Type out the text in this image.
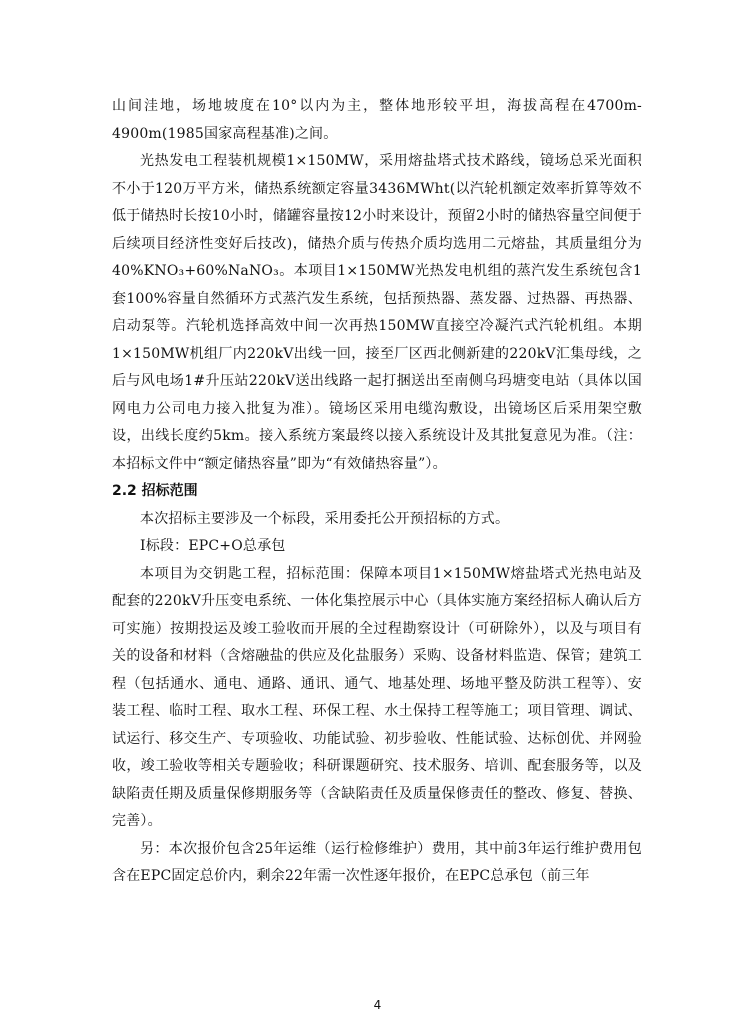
山间洼地，场地坡度在10°以内为主，整体地形较平坦，海拔高程在4700m-4900m(1985国家高程基准)之间。

光热发电工程装机规模1×150MW，采用熔盐塔式技术路线，镜场总采光面积不小于120万平方米，储热系统额定容量3436MWht(以汽轮机额定效率折算等效不低于储热时长按10小时，储罐容量按12小时来设计，预留2小时的储热容量空间便于后续项目经济性变好后技改)，储热介质与传热介质均选用二元熔盐，其质量组分为40%KNO₃+60%NaNO₃。本项目1×150MW光热发电机组的蒸汽发生系统包含1套100%容量自然循环方式蒸汽发生系统，包括预热器、蒸发器、过热器、再热器、启动泵等。汽轮机选择高效中间一次再热150MW直接空冷凝汽式汽轮机组。本期1×150MW机组厂内220kV出线一回，接至厂区西北侧新建的220kV汇集母线，之后与风电场1#升压站220kV送出线路一起打捆送出至南侧乌玛塘变电站（具体以国网电力公司电力接入批复为准）。镜场区采用电缆沟敷设，出镜场区后采用架空敷设，出线长度约5km。接入系统方案最终以接入系统设计及其批复意见为准。（注：本招标文件中“额定储热容量”即为“有效储热容量”）。

2.2 招标范围

本次招标主要涉及一个标段，采用委托公开预招标的方式。

Ⅰ标段：EPC+O总承包

本项目为交钥匙工程，招标范围：保障本项目1×150MW熔盐塔式光热电站及配套的220kV升压变电系统、一体化集控展示中心（具体实施方案经招标人确认后方可实施）按期投运及竣工验收而开展的全过程勘察设计（可研除外），以及与项目有关的设备和材料（含熔融盐的供应及化盐服务）采购、设备材料监造、保管；建筑工程（包括通水、通电、通路、通讯、通气、地基处理、场地平整及防洪工程等）、安装工程、临时工程、取水工程、环保工程、水土保持工程等施工；项目管理、调试、试运行、移交生产、专项验收、功能试验、初步验收、性能试验、达标创优、并网验收，竣工验收等相关专题验收；科研课题研究、技术服务、培训、配套服务等，以及缺陷责任期及质量保修期服务等（含缺陷责任及质量保修责任的整改、修复、替换、完善）。

另：本次报价包含25年运维（运行检修维护）费用，其中前3年运行维护费用包含在EPC固定总价内，剩余22年需一次性逐年报价，在EPC总承包（前三年

4
